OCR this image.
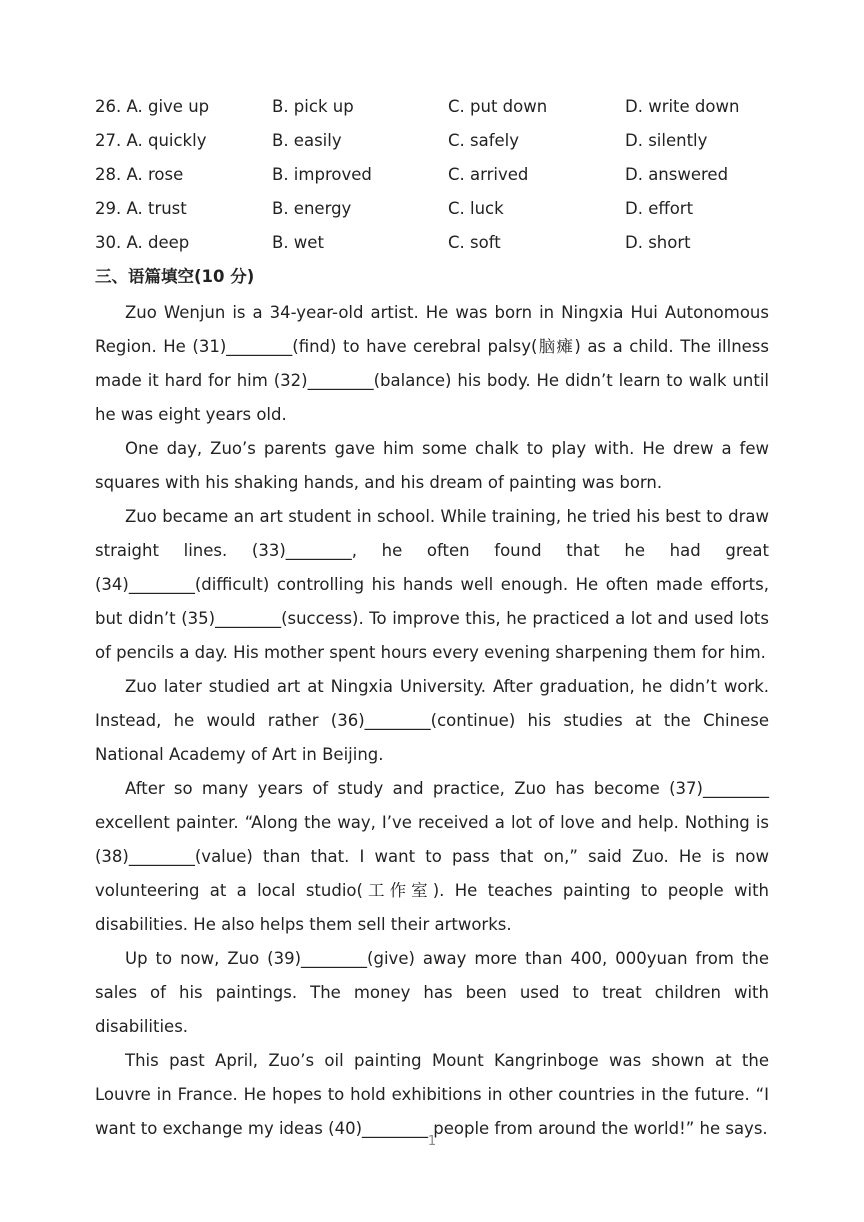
26. A. give up	B. pick up	C. put down	D. write down
27. A. quickly	B. easily	C. safely	D. silently
28. A. rose	B. improved	C. arrived	D. answered
29. A. trust	B. energy	C. luck	D. effort
30. A. deep	B. wet	C. soft	D. short
三、语篇填空(10 分)

Zuo Wenjun is a 34-year-old artist. He was born in Ningxia Hui Autonomous Region. He (31)________(find) to have cerebral palsy(脑瘫) as a child. The illness made it hard for him (32)________(balance) his body. He didn’t learn to walk until he was eight years old.

One day, Zuo’s parents gave him some chalk to play with. He drew a few squares with his shaking hands, and his dream of painting was born.

Zuo became an art student in school. While training, he tried his best to draw straight lines. (33)________, he often found that he had great (34)________(difficult) controlling his hands well enough. He often made efforts, but didn’t (35)________(success). To improve this, he practiced a lot and used lots of pencils a day. His mother spent hours every evening sharpening them for him.

Zuo later studied art at Ningxia University. After graduation, he didn’t work. Instead, he would rather (36)________(continue) his studies at the Chinese National Academy of Art in Beijing.

After so many years of study and practice, Zuo has become (37)________ excellent painter. “Along the way, I’ve received a lot of love and help. Nothing is (38)________(value) than that. I want to pass that on,” said Zuo. He is now volunteering at a local studio(工作室). He teaches painting to people with disabilities. He also helps them sell their artworks.

Up to now, Zuo (39)________(give) away more than 400, 000yuan from the sales of his paintings. The money has been used to treat children with disabilities.

This past April, Zuo’s oil painting Mount Kangrinboge was shown at the Louvre in France. He hopes to hold exhibitions in other countries in the future. “I want to exchange my ideas (40)________ people from around the world!” he says.

1
